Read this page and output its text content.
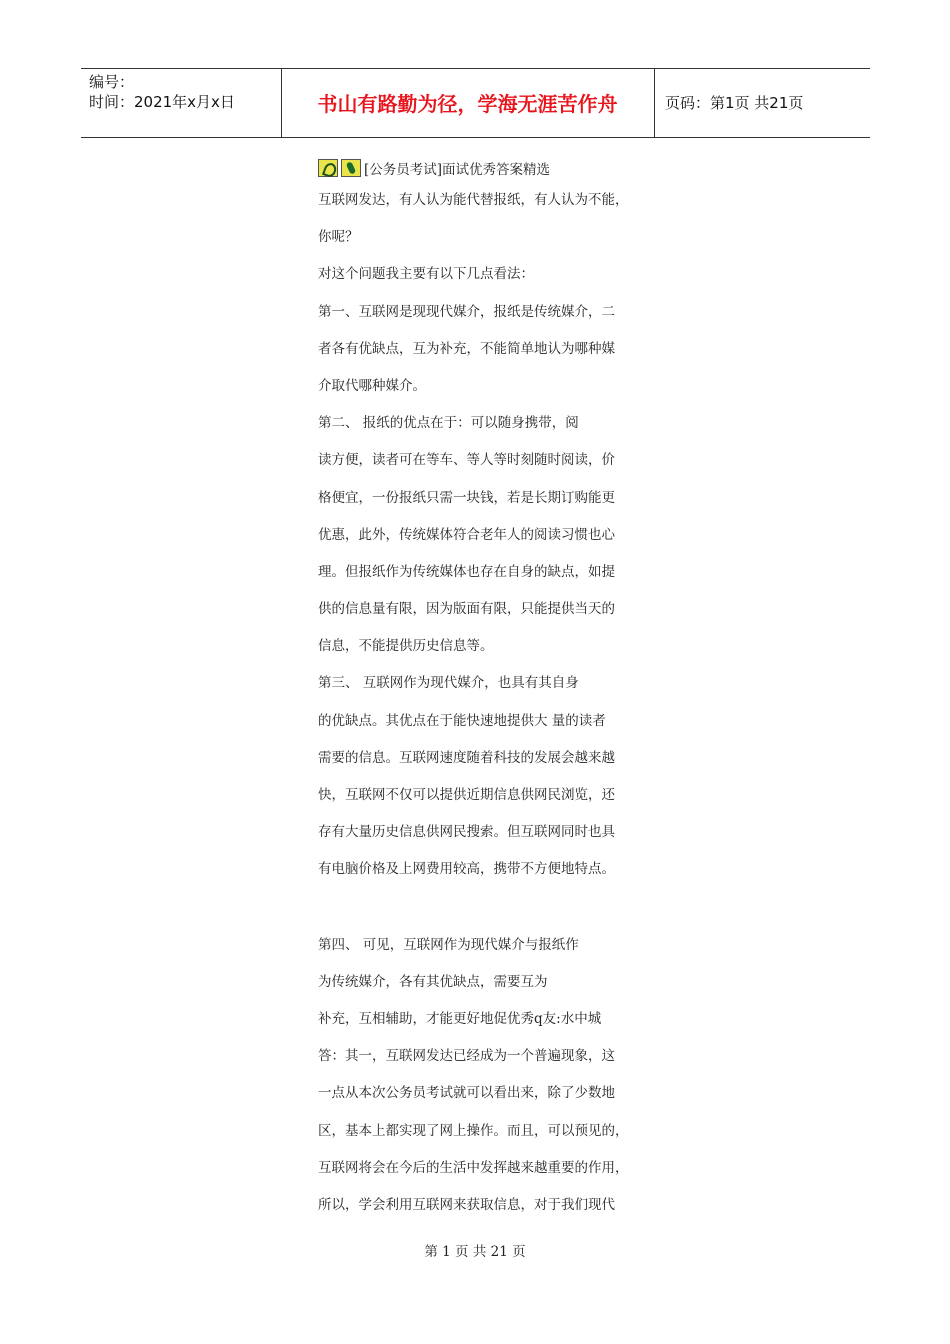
编号：
时间：2021年x月x日	书山有路勤为径，学海无涯苦作舟	页码：第1页 共21页
[公务员考试]面试优秀答案精选
互联网发达，有人认为能代替报纸，有人认为不能，
你呢？
对这个问题我主要有以下几点看法：
第一、互联网是现现代媒介，报纸是传统媒介，二
者各有优缺点，互为补充，不能简单地认为哪种媒
介取代哪种媒介。
第二、 报纸的优点在于：可以随身携带，阅
读方便，读者可在等车、等人等时刻随时阅读，价
格便宜，一份报纸只需一块钱，若是长期订购能更
优惠，此外，传统媒体符合老年人的阅读习惯也心
理。但报纸作为传统媒体也存在自身的缺点，如提
供的信息量有限，因为版面有限，只能提供当天的
信息，不能提供历史信息等。
第三、 互联网作为现代媒介，也具有其自身
的优缺点。其优点在于能快速地提供大 量的读者
需要的信息。互联网速度随着科技的发展会越来越
快，互联网不仅可以提供近期信息供网民浏览，还
存有大量历史信息供网民搜索。但互联网同时也具
有电脑价格及上网费用较高，携带不方便地特点。
第四、 可见，互联网作为现代媒介与报纸作
为传统媒介，各有其优缺点，需要互为
补充，互相辅助，才能更好地促优秀q友:水中城
答：其一，互联网发达已经成为一个普遍现象，这
一点从本次公务员考试就可以看出来，除了少数地
区，基本上都实现了网上操作。而且，可以预见的，
互联网将会在今后的生活中发挥越来越重要的作用，
所以，学会利用互联网来获取信息，对于我们现代
第 1 页 共 21 页
